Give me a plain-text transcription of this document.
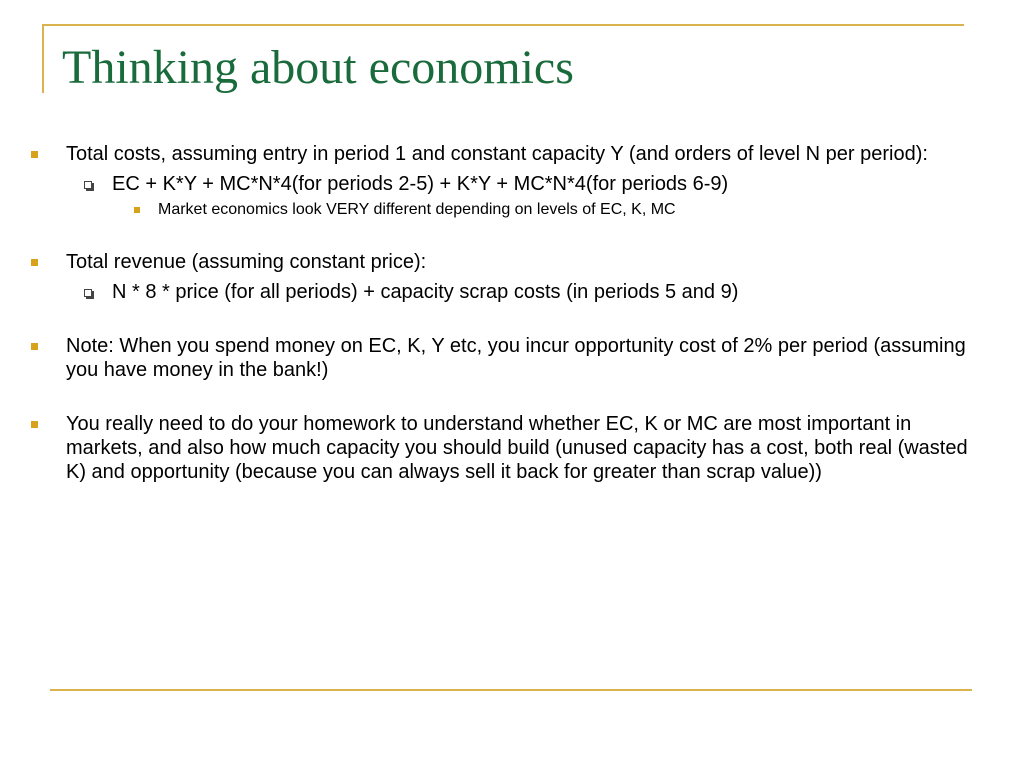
Thinking about economics
Total costs, assuming entry in period 1 and constant capacity Y (and orders of level N per period):
EC + K*Y + MC*N*4(for periods 2-5) + K*Y + MC*N*4(for periods 6-9)
Market economics look VERY different depending on levels of EC, K, MC
Total revenue (assuming constant price):
N * 8 * price (for all periods) + capacity scrap costs (in periods 5 and 9)
Note: When you spend money on EC, K, Y etc, you incur opportunity cost of 2% per period (assuming you have money in the bank!)
You really need to do your homework to understand whether EC, K or MC are most important in markets, and also how much capacity you should build (unused capacity has a cost, both real (wasted K) and opportunity (because you can always sell it back for greater than scrap value))
